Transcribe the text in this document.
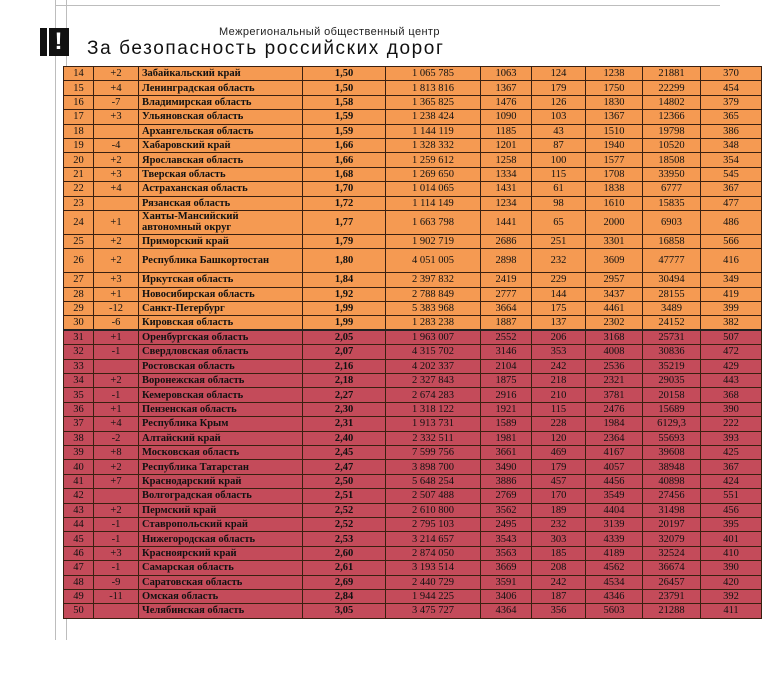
!	Межрегиональный общественный центр
За безопасность российских дорог
14	+2	Забайкальский край	1,50	1 065 785	1063	124	1238	21881	370
15	+4	Ленинградская область	1,50	1 813 816	1367	179	1750	22299	454
16	-7	Владимирская область	1,58	1 365 825	1476	126	1830	14802	379
17	+3	Ульяновская область	1,59	1 238 424	1090	103	1367	12366	365
18		Архангельская область	1,59	1 144 119	1185	43	1510	19798	386
19	-4	Хабаровский край	1,66	1 328 332	1201	87	1940	10520	348
20	+2	Ярославская область	1,66	1 259 612	1258	100	1577	18508	354
21	+3	Тверская область	1,68	1 269 650	1334	115	1708	33950	545
22	+4	Астраханская область	1,70	1 014 065	1431	61	1838	6777	367
23		Рязанская область	1,72	1 114 149	1234	98	1610	15835	477
24	+1	Ханты-Мансийский автономный округ	1,77	1 663 798	1441	65	2000	6903	486
25	+2	Приморский край	1,79	1 902 719	2686	251	3301	16858	566
26	+2	Республика Башкортостан	1,80	4 051 005	2898	232	3609	47777	416
27	+3	Иркутская область	1,84	2 397 832	2419	229	2957	30494	349
28	+1	Новосибирская область	1,92	2 788 849	2777	144	3437	28155	419
29	-12	Санкт-Петербург	1,99	5 383 968	3664	175	4461	3489	399
30	-6	Кировская область	1,99	1 283 238	1887	137	2302	24152	382
31	+1	Оренбургская область	2,05	1 963 007	2552	206	3168	25731	507
32	-1	Свердловская область	2,07	4 315 702	3146	353	4008	30836	472
33		Ростовская область	2,16	4 202 337	2104	242	2536	35219	429
34	+2	Воронежская область	2,18	2 327 843	1875	218	2321	29035	443
35	-1	Кемеровская область	2,27	2 674 283	2916	210	3781	20158	368
36	+1	Пензенская область	2,30	1 318 122	1921	115	2476	15689	390
37	+4	Республика Крым	2,31	1 913 731	1589	228	1984	6129,3	222
38	-2	Алтайский край	2,40	2 332 511	1981	120	2364	55693	393
39	+8	Московская область	2,45	7 599 756	3661	469	4167	39608	425
40	+2	Республика Татарстан	2,47	3 898 700	3490	179	4057	38948	367
41	+7	Краснодарский край	2,50	5 648 254	3886	457	4456	40898	424
42		Волгоградская область	2,51	2 507 488	2769	170	3549	27456	551
43	+2	Пермский край	2,52	2 610 800	3562	189	4404	31498	456
44	-1	Ставропольский край	2,52	2 795 103	2495	232	3139	20197	395
45	-1	Нижегородская область	2,53	3 214 657	3543	303	4339	32079	401
46	+3	Красноярский край	2,60	2 874 050	3563	185	4189	32524	410
47	-1	Самарская область	2,61	3 193 514	3669	208	4562	36674	390
48	-9	Саратовская область	2,69	2 440 729	3591	242	4534	26457	420
49	-11	Омская область	2,84	1 944 225	3406	187	4346	23791	392
50		Челябинская область	3,05	3 475 727	4364	356	5603	21288	411
